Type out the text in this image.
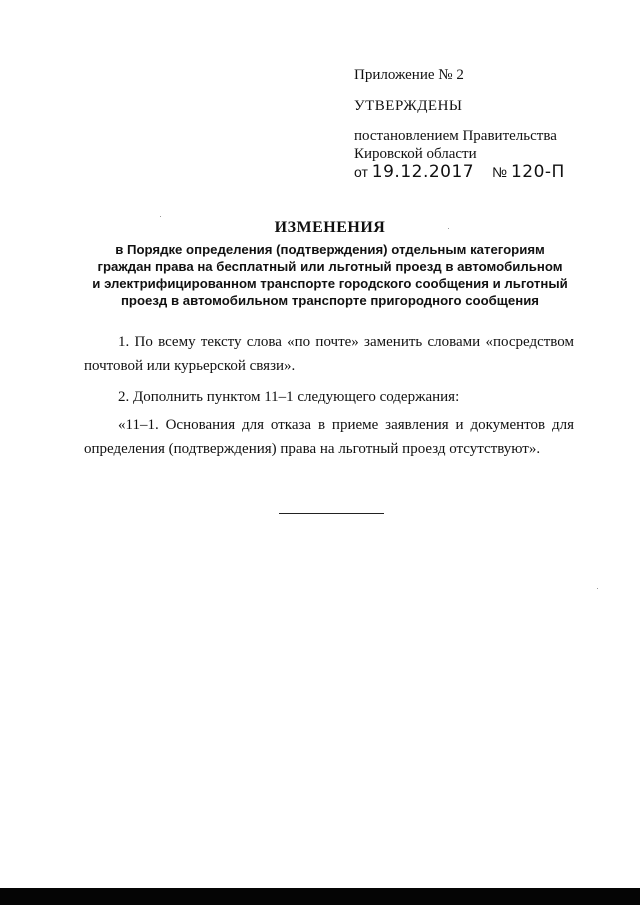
Приложение № 2
УТВЕРЖДЕНЫ
постановлением Правительства
Кировской области
от 19.12.2017 № 120-П
ИЗМЕНЕНИЯ
в Порядке определения (подтверждения) отдельным категориям
граждан права на бесплатный или льготный проезд в автомобильном
и электрифицированном транспорте городского сообщения и льготный
проезд в автомобильном транспорте пригородного сообщения

1. По всему тексту слова «по почте» заменить словами «посредством почтовой или курьерской связи».

2. Дополнить пунктом 11–1 следующего содержания:

«11–1. Основания для отказа в приеме заявления и документов для определения (подтверждения) права на льготный проезд отсутствуют».
